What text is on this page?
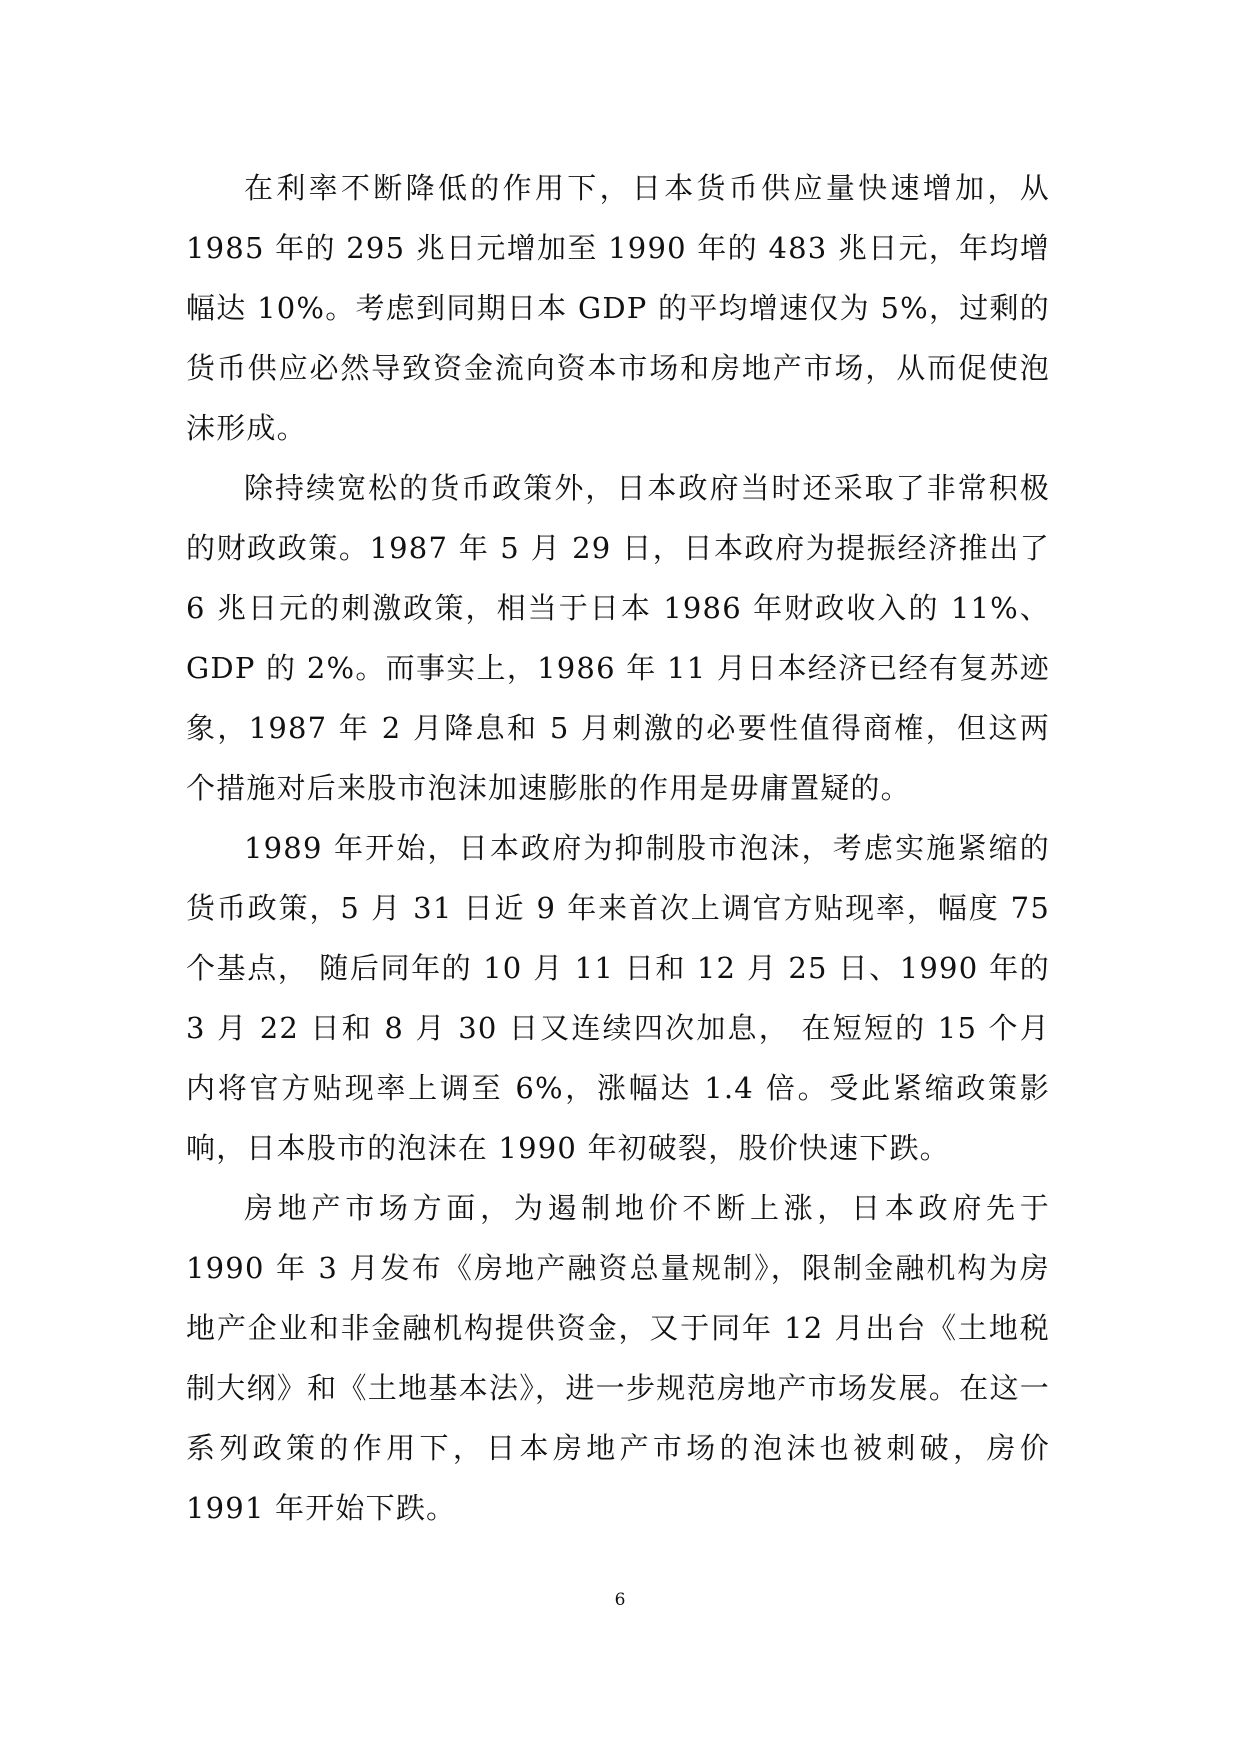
在利率不断降低的作用下，日本货币供应量快速增加，从 1985 年的 295 兆日元增加至 1990 年的 483 兆日元，年均增幅达 10%。考虑到同期日本 GDP 的平均增速仅为 5%，过剩的货币供应必然导致资金流向资本市场和房地产市场，从而促使泡沫形成。

除持续宽松的货币政策外，日本政府当时还采取了非常积极的财政政策。1987 年 5 月 29 日，日本政府为提振经济推出了 6 兆日元的刺激政策，相当于日本 1986 年财政收入的 11%、GDP 的 2%。而事实上，1986 年 11 月日本经济已经有复苏迹象，1987 年 2 月降息和 5 月刺激的必要性值得商榷，但这两个措施对后来股市泡沫加速膨胀的作用是毋庸置疑的。

1989 年开始，日本政府为抑制股市泡沫，考虑实施紧缩的货币政策，5 月 31 日近 9 年来首次上调官方贴现率，幅度 75 个基点， 随后同年的 10 月 11 日和 12 月 25 日、1990 年的 3 月 22 日和 8 月 30 日又连续四次加息， 在短短的 15 个月内将官方贴现率上调至 6%，涨幅达 1.4 倍。受此紧缩政策影响，日本股市的泡沫在 1990 年初破裂，股价快速下跌。

房地产市场方面，为遏制地价不断上涨，日本政府先于 1990 年 3 月发布《房地产融资总量规制》，限制金融机构为房地产企业和非金融机构提供资金，又于同年 12 月出台《土地税制大纲》和《土地基本法》，进一步规范房地产市场发展。在这一系列政策的作用下，日本房地产市场的泡沫也被刺破，房价 1991 年开始下跌。

6
